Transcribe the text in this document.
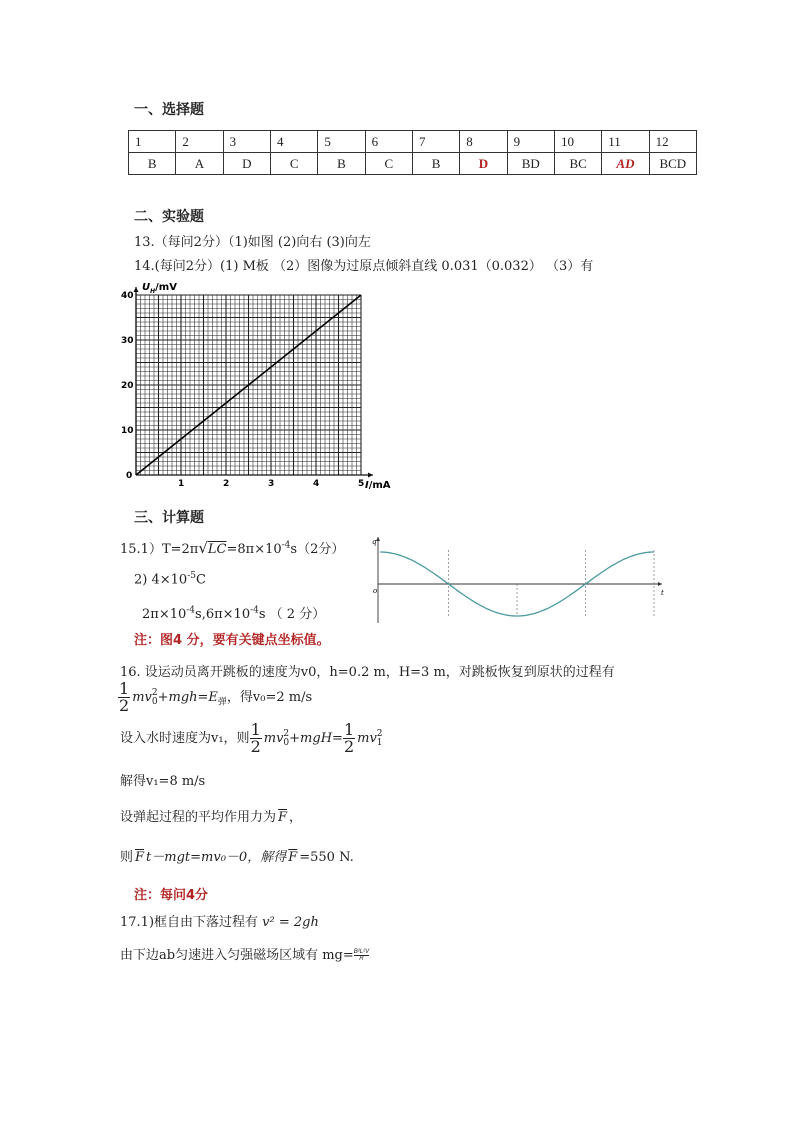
一、选择题
1	2	3	4	5	6	7	8	9	10	11	12
B	A	D	C	B	C	B	D	BD	BC	AD	BCD
二、实验题
13.（每问2分）（1)如图 (2)向右 (3)向左
14.(每问2分）(1) M板 （2）图像为过原点倾斜直线 0.031（0.032） （3）有
1	2	3	4	5
0
10
20
30
40
$U_H/mV$
I/mA
三、计算题
$15.1)T=2\pi√LC=8\pi\times 10^{-4}s(2$分）
2) $4\times 10^{-5}C$
$2\pi\times 10^{-4}s,6\pi\times 10^{-4}s$ （ 2 分）
q
o	t
注：图4 分，要有关键点坐标值。
16. 设运动员离开跳板的速度为v0，h=0.2 m，H=3 m，对跳板恢复到原状的过程有
$\frac{1}{2}$ mv 2
$0 +mgh=E_弹$，得v₀=2 m/s
设入水时速度为v₁，则 $\frac{1}{2}$ mv 2
$0 +mgH= \frac{1}{2}$ mv 2
1
解得v₁=8 m/s
设弹起过程的平均作用力为 $\overline{F}$ ，
则 $\overline{F}$ t－mgt=mv₀－0，解得 $\overline{F} =550$ N.
注：每问4分
17.1)框自由下落过程有 v² = 2gh
由下边ab匀速进入匀强磁场区域有 $mg= \frac{\text{B²L²V}}{R}$
